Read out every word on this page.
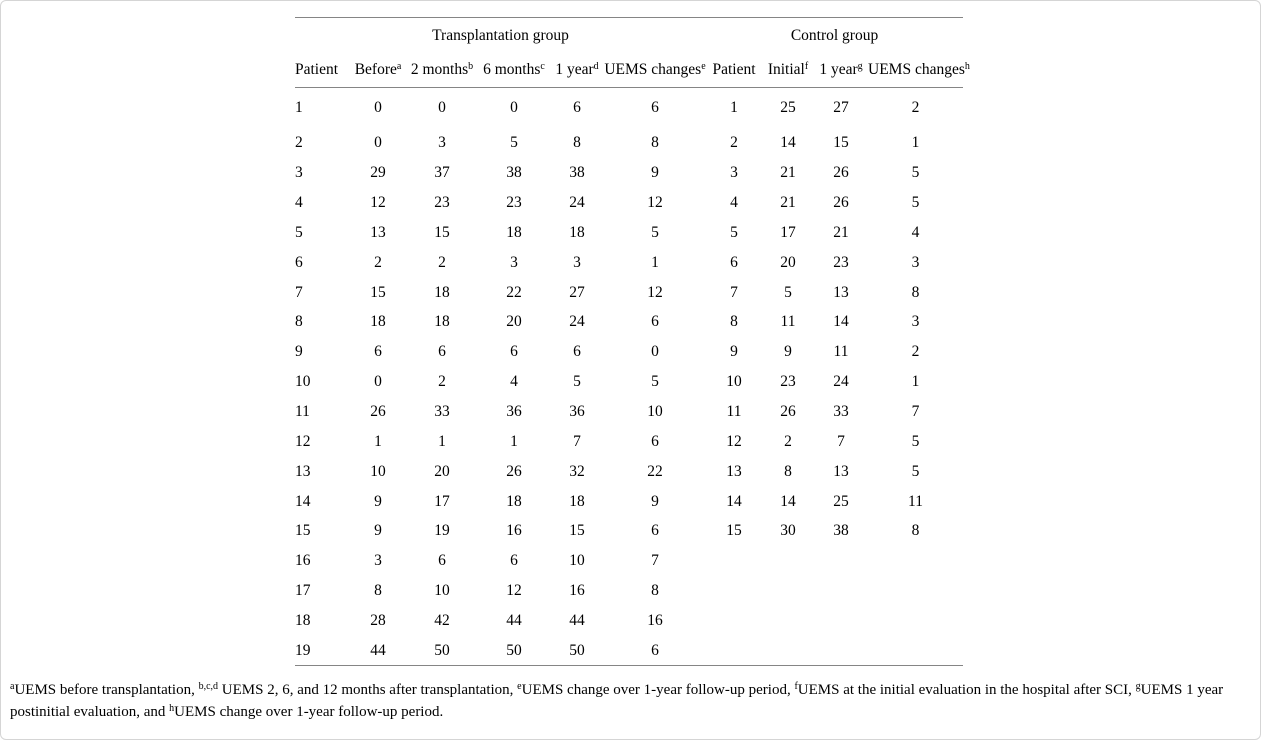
Transplantation group						Control group			
Patient	Before$^a$	2 months$^b$	6 months$^c$	1 year$^d$	UEMS changes$^e$	Patient	Initial$^f$	1 year$^g$	UEMS changes$^h$
1	0	0	0	6	6	1	25	27	2
2	0	3	5	8	8	2	14	15	1
3	29	37	38	38	9	3	21	26	5
4	12	23	23	24	12	4	21	26	5
5	13	15	18	18	5	5	17	21	4
6	2	2	3	3	1	6	20	23	3
7	15	18	22	27	12	7	5	13	8
8	18	18	20	24	6	8	11	14	3
9	6	6	6	6	0	9	9	11	2
10	0	2	4	5	5	10	23	24	1
11	26	33	36	36	10	11	26	33	7
12	1	1	1	7	6	12	2	7	5
13	10	20	26	32	22	13	8	13	5
14	9	17	18	18	9	14	14	25	11
15	9	19	16	15	6	15	30	38	8
16	3	6	6	10	7				
17	8	10	12	16	8				
18	28	42	44	44	16				
19	44	50	50	50	6				
$^a$UEMS before transplantation, $^{b,c,d}$ UEMS 2, 6, and 12 months after transplantation, $^e$UEMS change over 1-year follow-up period, $^f$UEMS at the initial evaluation in the hospital after SCI, $^g$UEMS 1 year postinitial evaluation, and $^h$UEMS change over 1-year follow-up period.
